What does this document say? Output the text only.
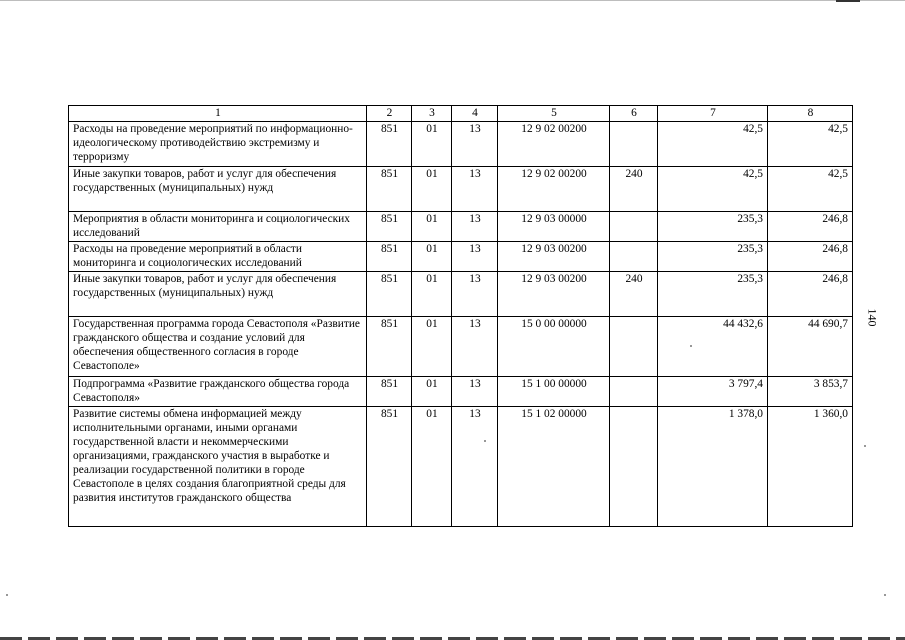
1	2	3	4	5	6	7	8
Расходы на проведение мероприятий по информационно-идеологическому противодействию экстремизму и терроризму	851	01	13	12 9 02 00200		42,5	42,5
Иные закупки товаров, работ и услуг для обеспечения государственных (муниципальных) нужд	851	01	13	12 9 02 00200	240	42,5	42,5
Мероприятия в области мониторинга и социологических исследований	851	01	13	12 9 03 00000		235,3	246,8
Расходы на проведение мероприятий в области мониторинга и социологических исследований	851	01	13	12 9 03 00200		235,3	246,8
Иные закупки товаров, работ и услуг для обеспечения государственных (муниципальных) нужд	851	01	13	12 9 03 00200	240	235,3	246,8
Государственная программа города Севастополя «Развитие гражданского общества и создание условий для обеспечения общественного согласия в городе Севастополе»	851	01	13	15 0 00 00000		44 432,6	44 690,7
Подпрограмма «Развитие гражданского общества города Севастополя»	851	01	13	15 1 00 00000		3 797,4	3 853,7
Развитие системы обмена информацией между исполнительными органами, иными органами государственной власти и некоммерческими организациями, гражданского участия в выработке и реализации государственной политики в городе Севастополе в целях создания благоприятной среды для развития институтов гражданского общества	851	01	13	15 1 02 00000		1 378,0	1 360,0
140
